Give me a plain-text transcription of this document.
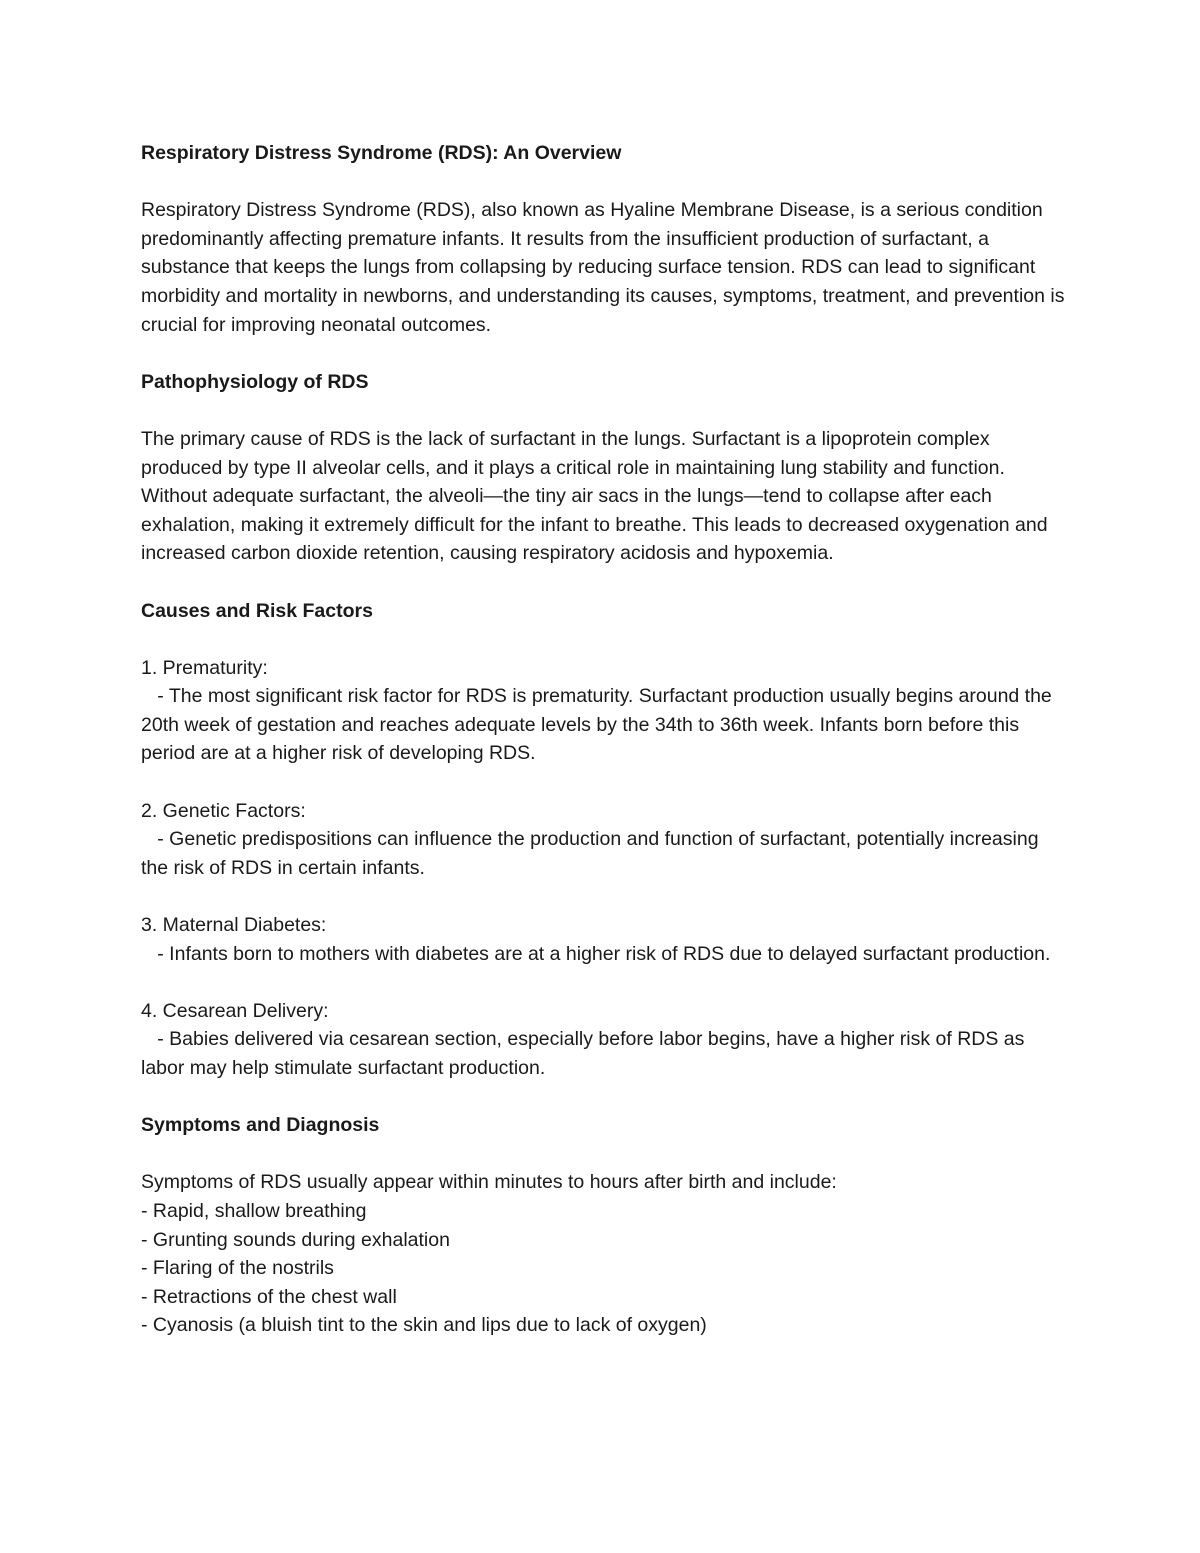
Respiratory Distress Syndrome (RDS): An Overview

Respiratory Distress Syndrome (RDS), also known as Hyaline Membrane Disease, is a serious condition predominantly affecting premature infants. It results from the insufficient production of surfactant, a substance that keeps the lungs from collapsing by reducing surface tension. RDS can lead to significant morbidity and mortality in newborns, and understanding its causes, symptoms, treatment, and prevention is crucial for improving neonatal outcomes.

Pathophysiology of RDS

The primary cause of RDS is the lack of surfactant in the lungs. Surfactant is a lipoprotein complex produced by type II alveolar cells, and it plays a critical role in maintaining lung stability and function. Without adequate surfactant, the alveoli—the tiny air sacs in the lungs—tend to collapse after each exhalation, making it extremely difficult for the infant to breathe. This leads to decreased oxygenation and increased carbon dioxide retention, causing respiratory acidosis and hypoxemia.

Causes and Risk Factors

1. Prematurity:

- The most significant risk factor for RDS is prematurity. Surfactant production usually begins around the 20th week of gestation and reaches adequate levels by the 34th to 36th week. Infants born before this period are at a higher risk of developing RDS.

2. Genetic Factors:

- Genetic predispositions can influence the production and function of surfactant, potentially increasing the risk of RDS in certain infants.

3. Maternal Diabetes:

- Infants born to mothers with diabetes are at a higher risk of RDS due to delayed surfactant production.

4. Cesarean Delivery:

- Babies delivered via cesarean section, especially before labor begins, have a higher risk of RDS as labor may help stimulate surfactant production.

Symptoms and Diagnosis

Symptoms of RDS usually appear within minutes to hours after birth and include:

- Rapid, shallow breathing

- Grunting sounds during exhalation

- Flaring of the nostrils

- Retractions of the chest wall

- Cyanosis (a bluish tint to the skin and lips due to lack of oxygen)
